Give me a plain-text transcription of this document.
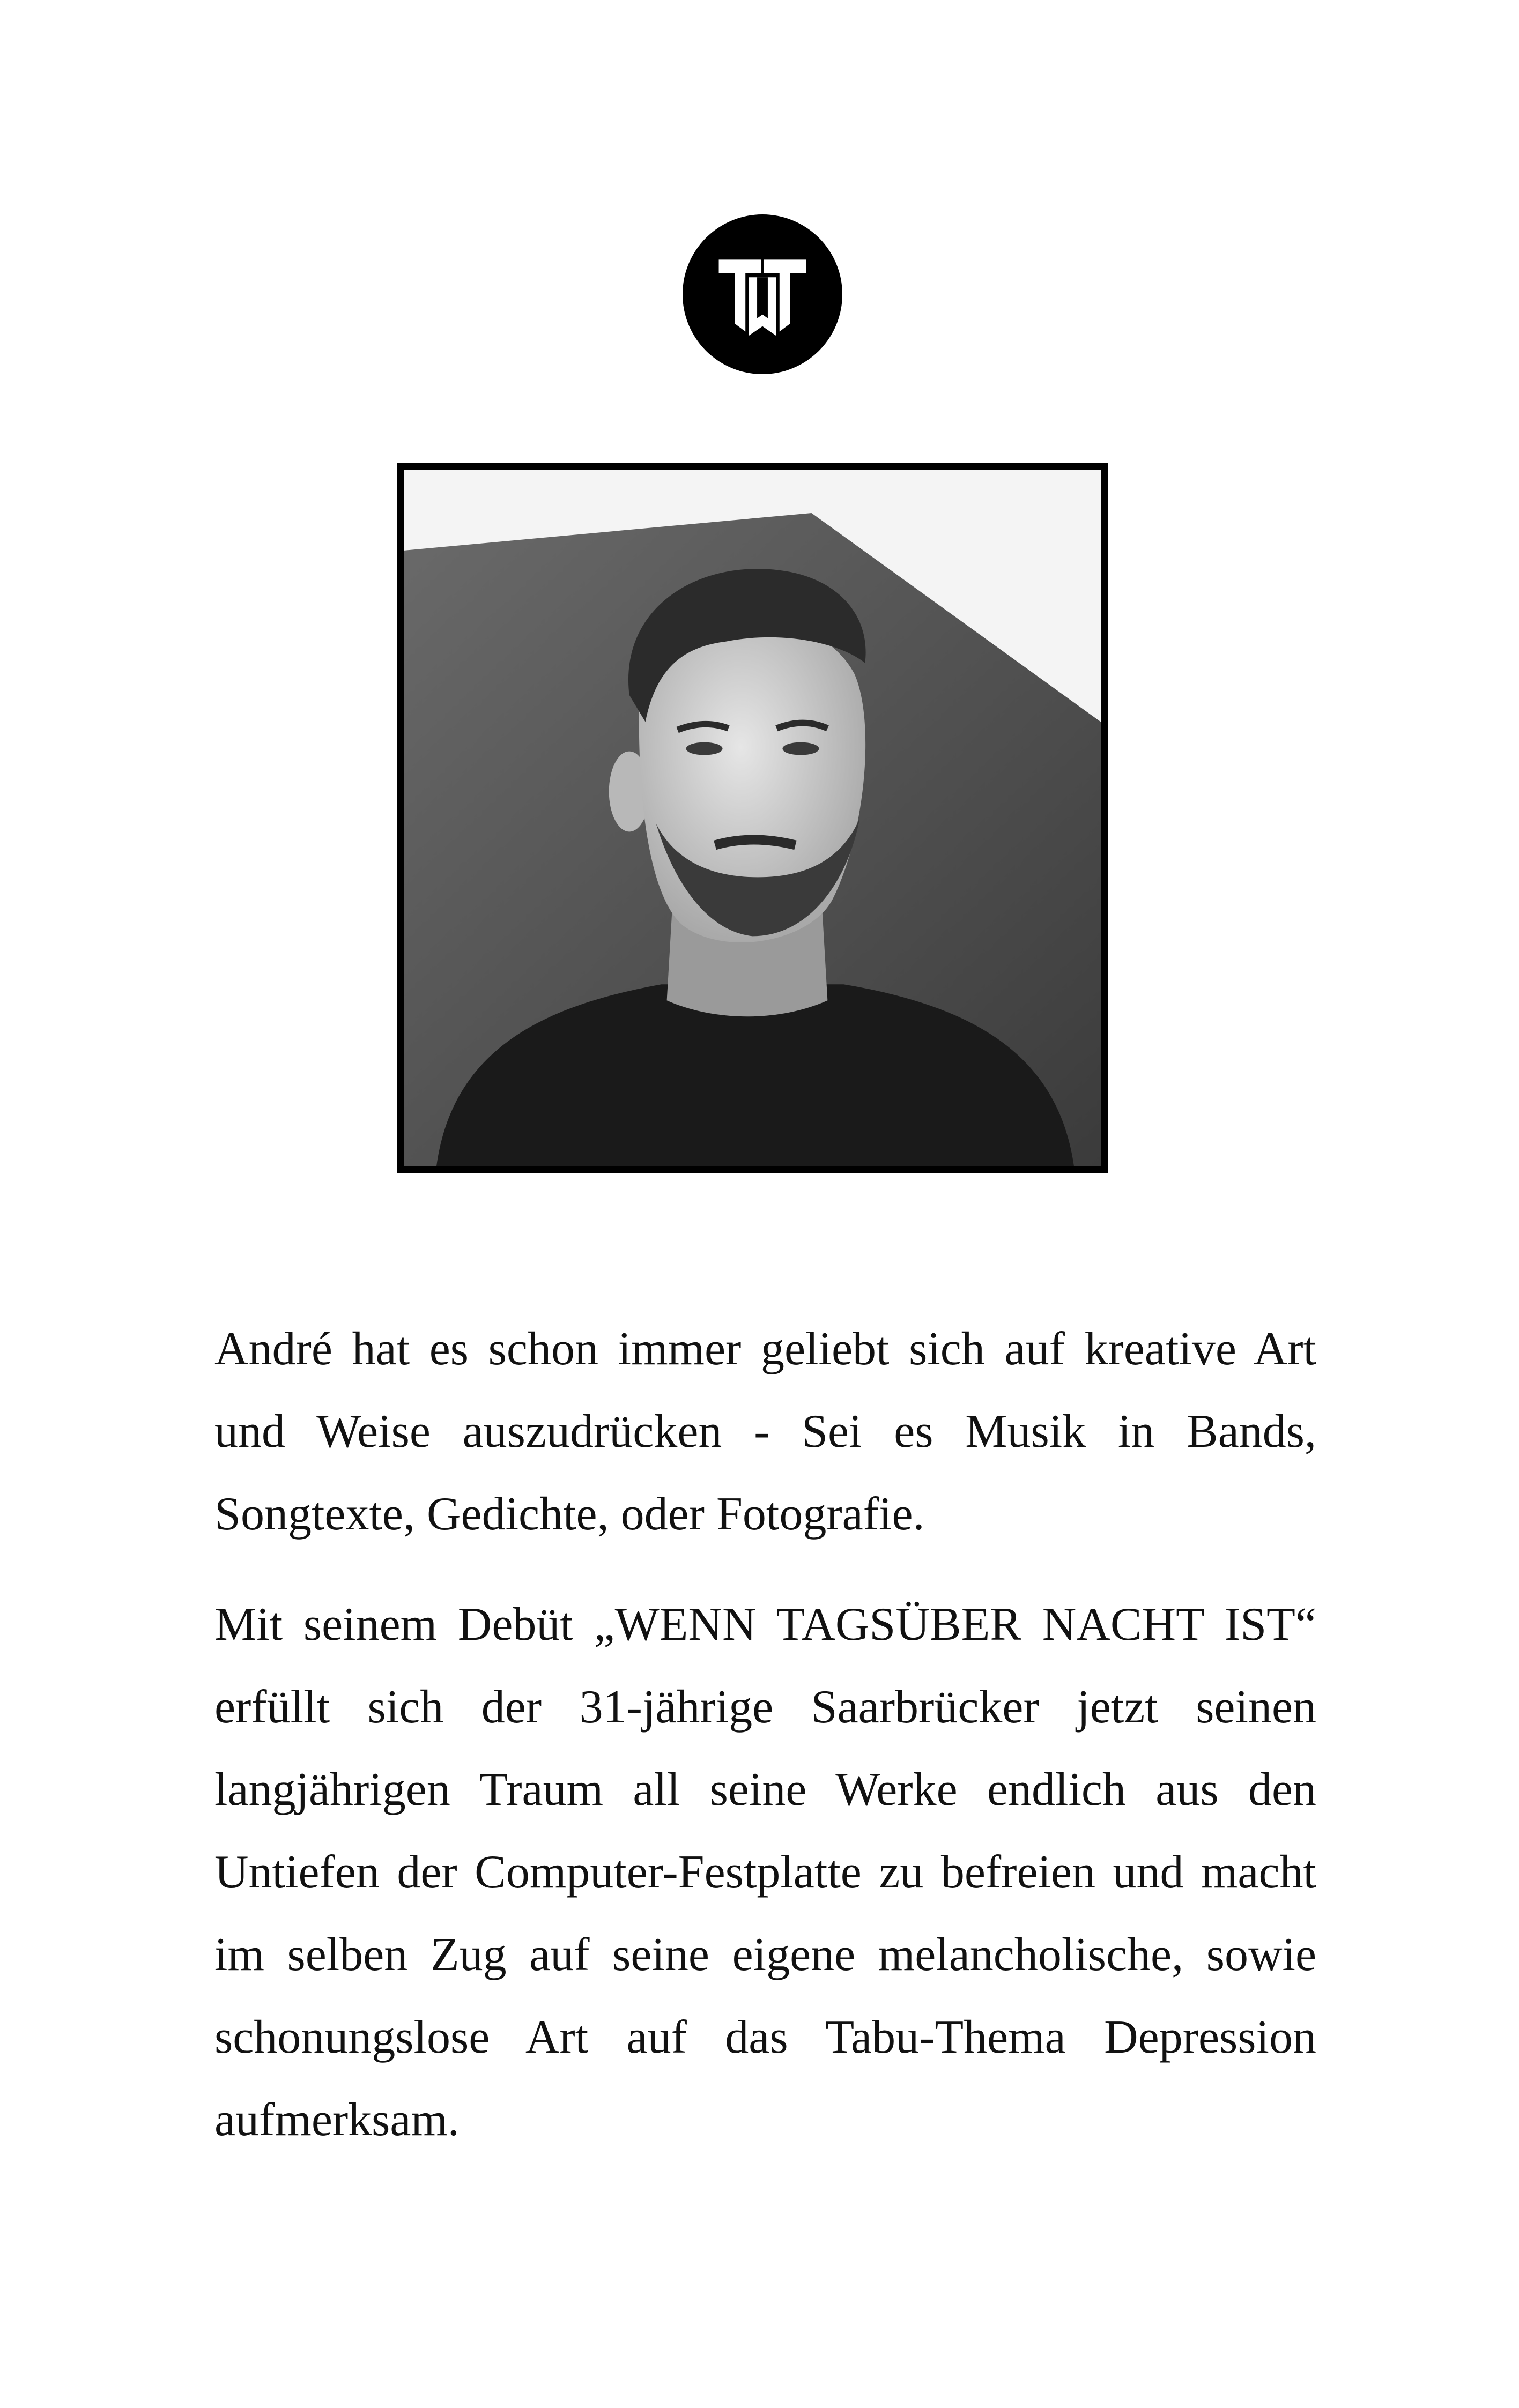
André hat es schon immer geliebt sich auf kreative Art und Weise auszudrücken - Sei es Musik in Bands, Songtexte, Gedichte, oder Fotografie.

Mit seinem Debüt „WENN TAGSÜBER NACHT IST“ erfüllt sich der 31-jährige Saarbrücker jetzt seinen langjährigen Traum all seine Werke endlich aus den Untiefen der Computer-Festplatte zu befreien und macht im selben Zug auf seine eigene melancholische, sowie schonungslose Art auf das Tabu-Thema Depression aufmerksam.
